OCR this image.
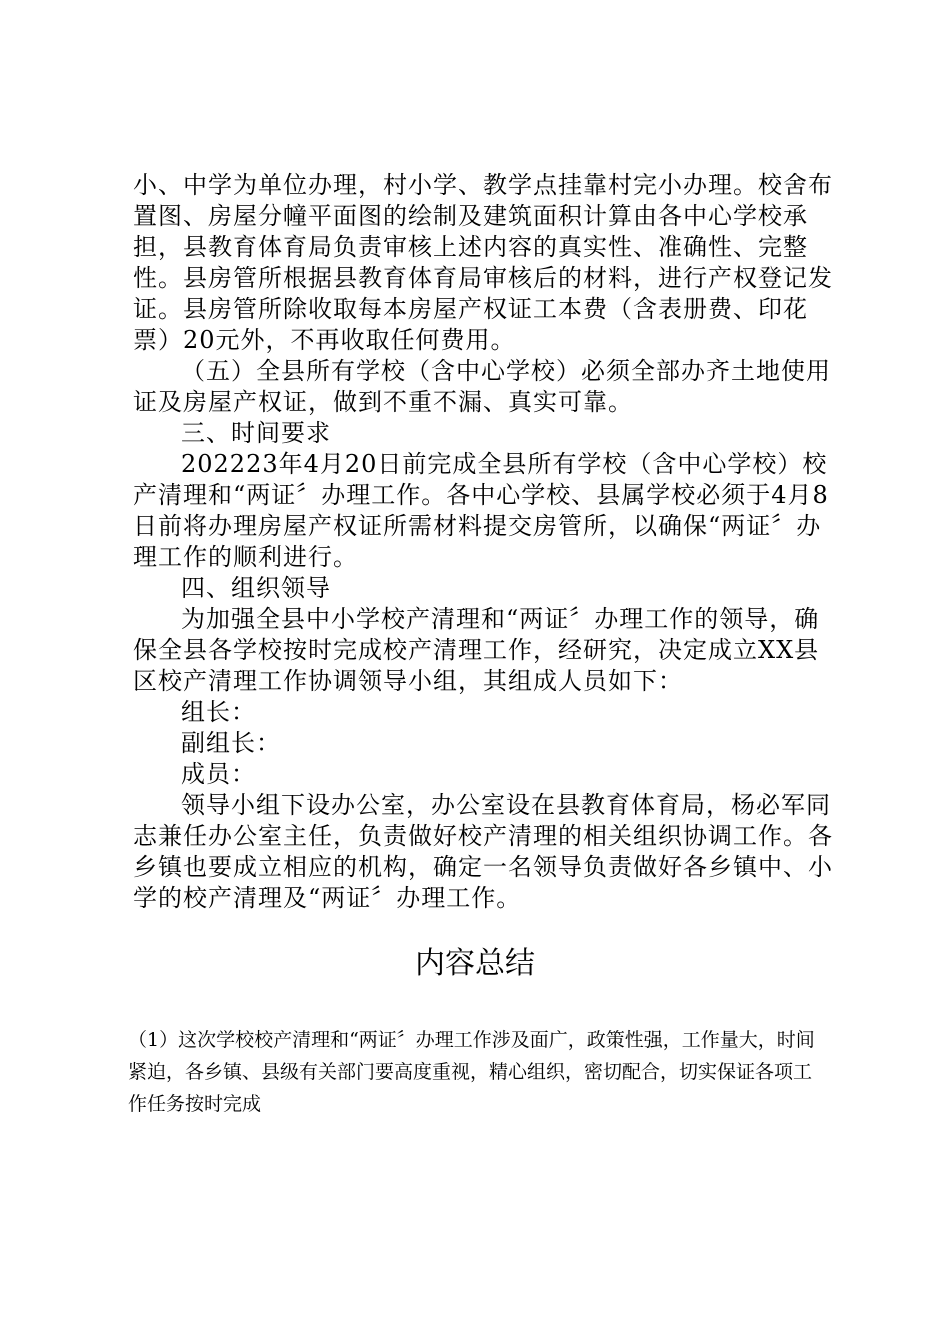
小、中学为单位办理，村小学、教学点挂靠村完小办理。校舍布置图、房屋分幢平面图的绘制及建筑面积计算由各中心学校承担，县教育体育局负责审核上述内容的真实性、准确性、完整性。县房管所根据县教育体育局审核后的材料，进行产权登记发证。县房管所除收取每本房屋产权证工本费（含表册费、印花票）20元外，不再收取任何费用。

（五）全县所有学校（含中心学校）必须全部办齐土地使用证及房屋产权证，做到不重不漏、真实可靠。

三、时间要求

202223年4月20日前完成全县所有学校（含中心学校）校产清理和“两证〞办理工作。各中心学校、县属学校必须于4月8日前将办理房屋产权证所需材料提交房管所，以确保“两证〞办理工作的顺利进行。

四、组织领导

为加强全县中小学校产清理和“两证〞办理工作的领导，确保全县各学校按时完成校产清理工作，经研究，决定成立XX县区校产清理工作协调领导小组，其组成人员如下：

组长：

副组长：

成员：

领导小组下设办公室，办公室设在县教育体育局，杨必军同志兼任办公室主任，负责做好校产清理的相关组织协调工作。各乡镇也要成立相应的机构，确定一名领导负责做好各乡镇中、小学的校产清理及“两证〞办理工作。

内容总结

（1）这次学校校产清理和“两证〞办理工作涉及面广，政策性强，工作量大，时间紧迫，各乡镇、县级有关部门要高度重视，精心组织，密切配合，切实保证各项工作任务按时完成
